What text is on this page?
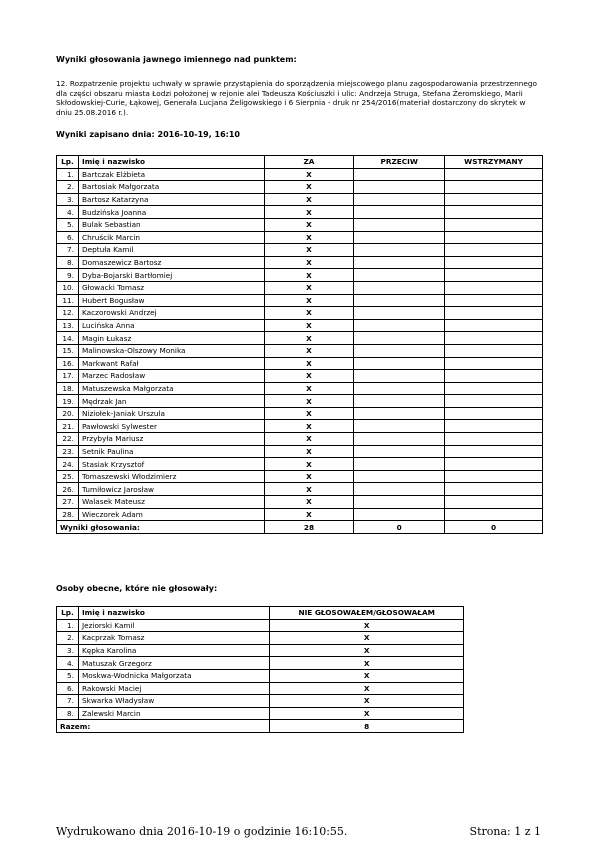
Wyniki głosowania jawnego imiennego nad punktem:
12. Rozpatrzenie projektu uchwały w sprawie przystąpienia do sporządzenia miejscowego planu zagospodarowania przestrzennego dla części obszaru miasta Łodzi położonej w rejonie alei Tadeusza Kościuszki i ulic: Andrzeja Struga, Stefana Żeromskiego, Marii Skłodowskiej-Curie, Łąkowej, Generała Lucjana Żeligowskiego i 6 Sierpnia - druk nr 254/2016(materiał dostarczony do skrytek w dniu 25.08.2016 r.).
Wyniki zapisano dnia: 2016-10-19, 16:10
Lp.	Imię i nazwisko	ZA	PRZECIW	WSTRZYMANY
1.	Bartczak Elżbieta	X		
2.	Bartosiak Małgorzata	X		
3.	Bartosz Katarzyna	X		
4.	Budzińska Joanna	X		
5.	Bulak Sebastian	X		
6.	Chruścik Marcin	X		
7.	Deptuła Kamil	X		
8.	Domaszewicz Bartosz	X		
9.	Dyba-Bojarski Bartłomiej	X		
10.	Głowacki Tomasz	X		
11.	Hubert Bogusław	X		
12.	Kaczorowski Andrzej	X		
13.	Lucińska Anna	X		
14.	Magin Łukasz	X		
15.	Malinowska-Olszowy Monika	X		
16.	Markwant Rafał	X		
17.	Marzec Radosław	X		
18.	Matuszewska Małgorzata	X		
19.	Mędrzak Jan	X		
20.	Niziołek-Janiak Urszula	X		
21.	Pawłowski Sylwester	X		
22.	Przybyła Mariusz	X		
23.	Setnik Paulina	X		
24.	Stasiak Krzysztof	X		
25.	Tomaszewski Włodzimierz	X		
26.	Tumiłowicz Jarosław	X		
27.	Walasek Mateusz	X		
28.	Wieczorek Adam	X		
Wyniki głosowania:		28	0	0
Osoby obecne, które nie głosowały:
Lp.	Imię i nazwisko	NIE GŁOSOWAŁEM/GŁOSOWAŁAM
1.	Jeziorski Kamil	X
2.	Kacprzak Tomasz	X
3.	Kępka Karolina	X
4.	Matuszak Grzegorz	X
5.	Moskwa-Wodnicka Małgorzata	X
6.	Rakowski Maciej	X
7.	Skwarka Władysław	X
8.	Zalewski Marcin	X
Razem:		8
Wydrukowano dnia 2016-10-19 o godzinie 16:10:55.	Strona: 1 z 1
